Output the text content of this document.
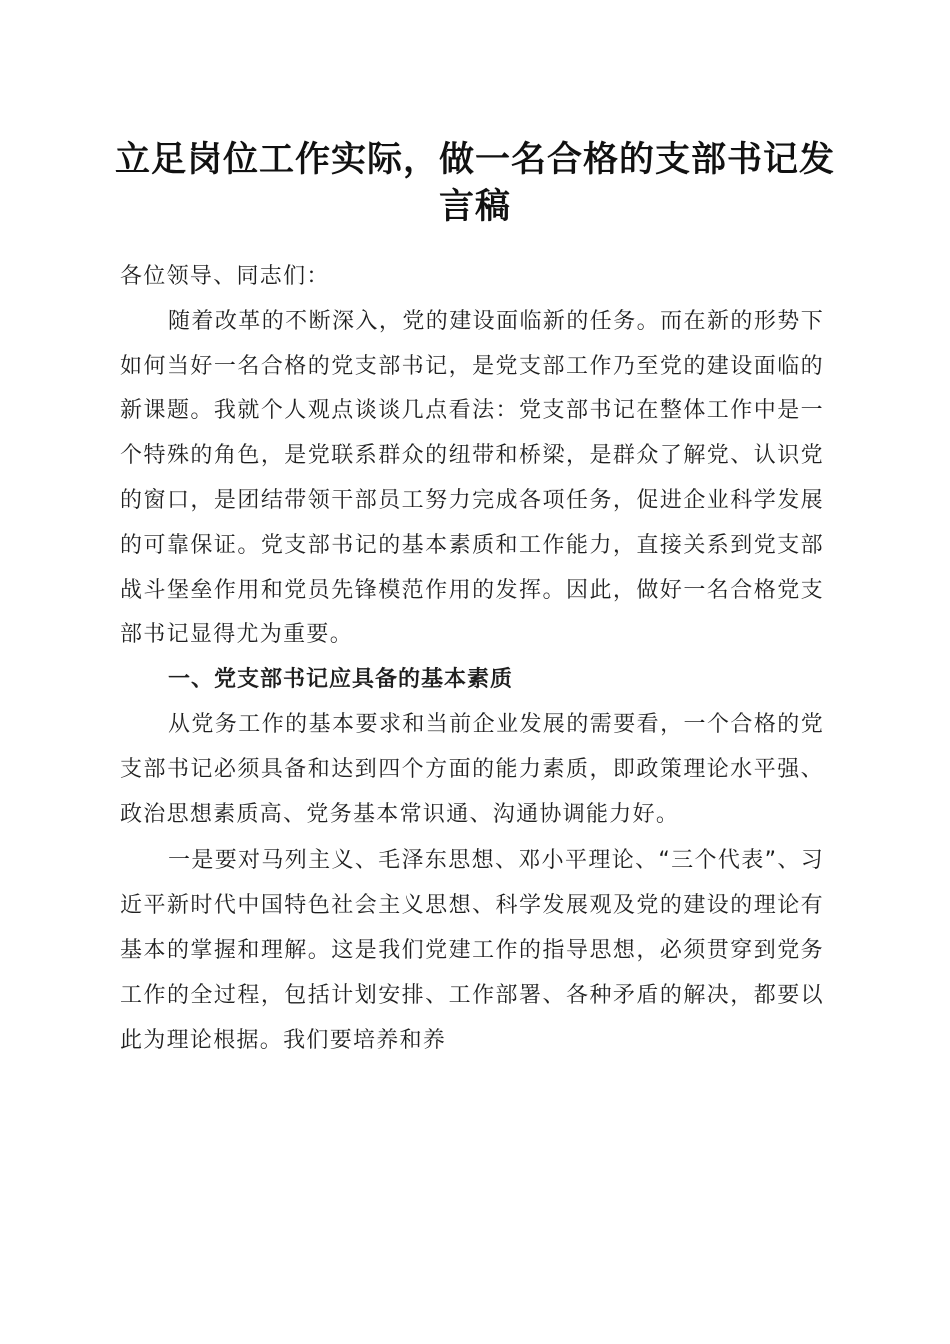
立足岗位工作实际，做一名合格的支部书记发言稿

各位领导、同志们：

随着改革的不断深入，党的建设面临新的任务。而在新的形势下如何当好一名合格的党支部书记，是党支部工作乃至党的建设面临的新课题。我就个人观点谈谈几点看法：党支部书记在整体工作中是一个特殊的角色，是党联系群众的纽带和桥梁，是群众了解党、认识党的窗口，是团结带领干部员工努力完成各项任务，促进企业科学发展的可靠保证。党支部书记的基本素质和工作能力，直接关系到党支部战斗堡垒作用和党员先锋模范作用的发挥。因此，做好一名合格党支部书记显得尤为重要。

一、党支部书记应具备的基本素质

从党务工作的基本要求和当前企业发展的需要看，一个合格的党支部书记必须具备和达到四个方面的能力素质，即政策理论水平强、政治思想素质高、党务基本常识通、沟通协调能力好。

一是要对马列主义、毛泽东思想、邓小平理论、“三个代表”、习近平新时代中国特色社会主义思想、科学发展观及党的建设的理论有基本的掌握和理解。这是我们党建工作的指导思想，必须贯穿到党务工作的全过程，包括计划安排、工作部署、各种矛盾的解决，都要以此为理论根据。我们要培养和养
